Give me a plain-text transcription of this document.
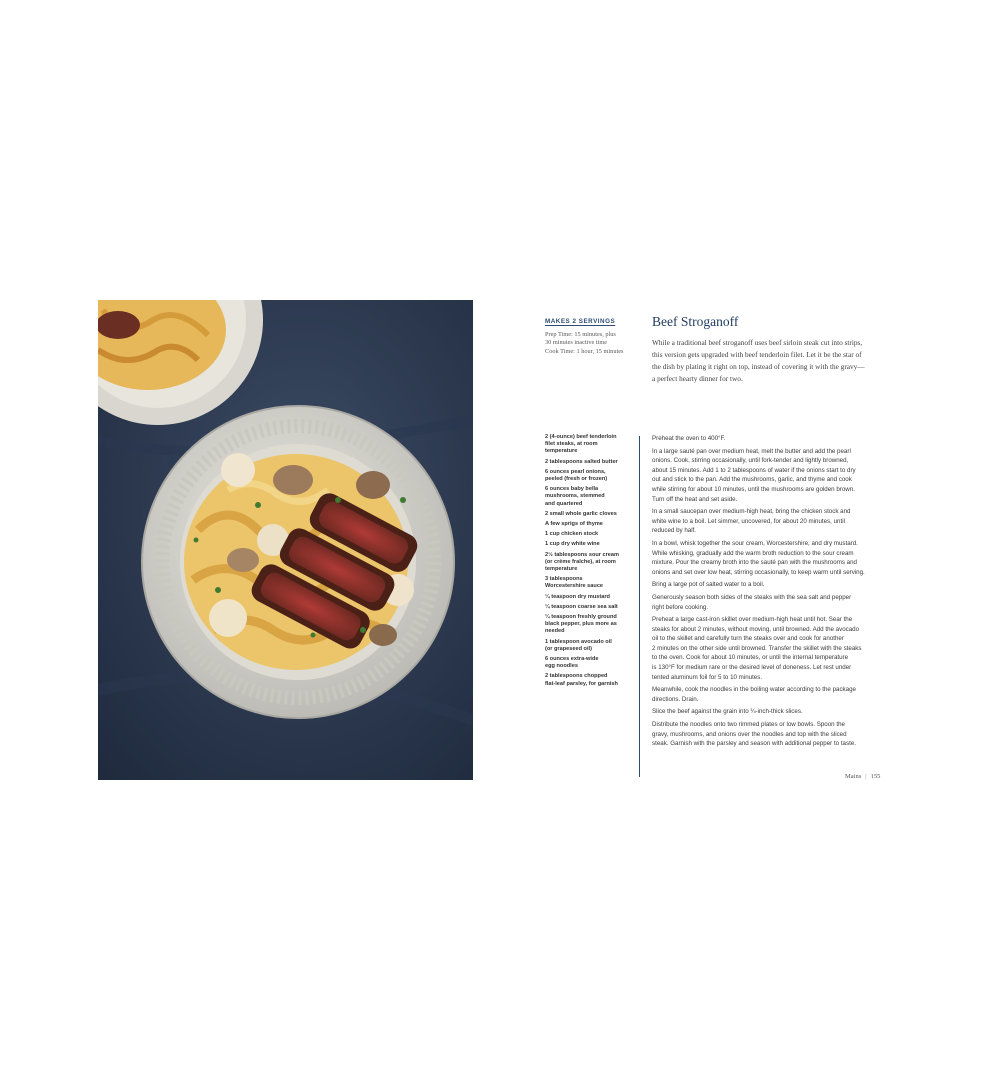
MAKES 2 SERVINGS
Prep Time: 15 minutes, plus
30 minutes inactive time
Cook Time: 1 hour, 15 minutes
Beef Stroganoff
While a traditional beef stroganoff uses beef sirloin steak cut into strips,
this version gets upgraded with beef tenderloin filet. Let it be the star of
the dish by plating it right on top, instead of covering it with the gravy—
a perfect hearty dinner for two.
2 (4-ounce) beef tenderloin
filet steaks, at room
temperature
2 tablespoons salted butter
6 ounces pearl onions,
peeled (fresh or frozen)
6 ounces baby bella
mushrooms, stemmed
and quartered
2 small whole garlic cloves
A few sprigs of thyme
1 cup chicken stock
1 cup dry white wine
2½ tablespoons sour cream
(or crème fraîche), at room
temperature
3 tablespoons
Worcestershire sauce
¼ teaspoon dry mustard
¼ teaspoon coarse sea salt
¼ teaspoon freshly ground
black pepper, plus more as
needed
1 tablespoon avocado oil
(or grapeseed oil)
6 ounces extra-wide
egg noodles
2 tablespoons chopped
flat-leaf parsley, for garnish
Preheat the oven to 400°F.
In a large sauté pan over medium heat, melt the butter and add the pearl
onions. Cook, stirring occasionally, until fork-tender and lightly browned,
about 15 minutes. Add 1 to 2 tablespoons of water if the onions start to dry
out and stick to the pan. Add the mushrooms, garlic, and thyme and cook
while stirring for about 10 minutes, until the mushrooms are golden brown.
Turn off the heat and set aside.
In a small saucepan over medium-high heat, bring the chicken stock and
white wine to a boil. Let simmer, uncovered, for about 20 minutes, until
reduced by half.
In a bowl, whisk together the sour cream, Worcestershire, and dry mustard.
While whisking, gradually add the warm broth reduction to the sour cream
mixture. Pour the creamy broth into the sauté pan with the mushrooms and
onions and set over low heat, stirring occasionally, to keep warm until serving.
Bring a large pot of salted water to a boil.
Generously season both sides of the steaks with the sea salt and pepper
right before cooking.
Preheat a large cast-iron skillet over medium-high heat until hot. Sear the
steaks for about 2 minutes, without moving, until browned. Add the avocado
oil to the skillet and carefully turn the steaks over and cook for another
2 minutes on the other side until browned. Transfer the skillet with the steaks
to the oven. Cook for about 10 minutes, or until the internal temperature
is 130°F for medium rare or the desired level of doneness. Let rest under
tented aluminum foil for 5 to 10 minutes.
Meanwhile, cook the noodles in the boiling water according to the package
directions. Drain.
Slice the beef against the grain into ¼-inch-thick slices.
Distribute the noodles onto two rimmed plates or low bowls. Spoon the
gravy, mushrooms, and onions over the noodles and top with the sliced
steak. Garnish with the parsley and season with additional pepper to taste.
Mains | 155
